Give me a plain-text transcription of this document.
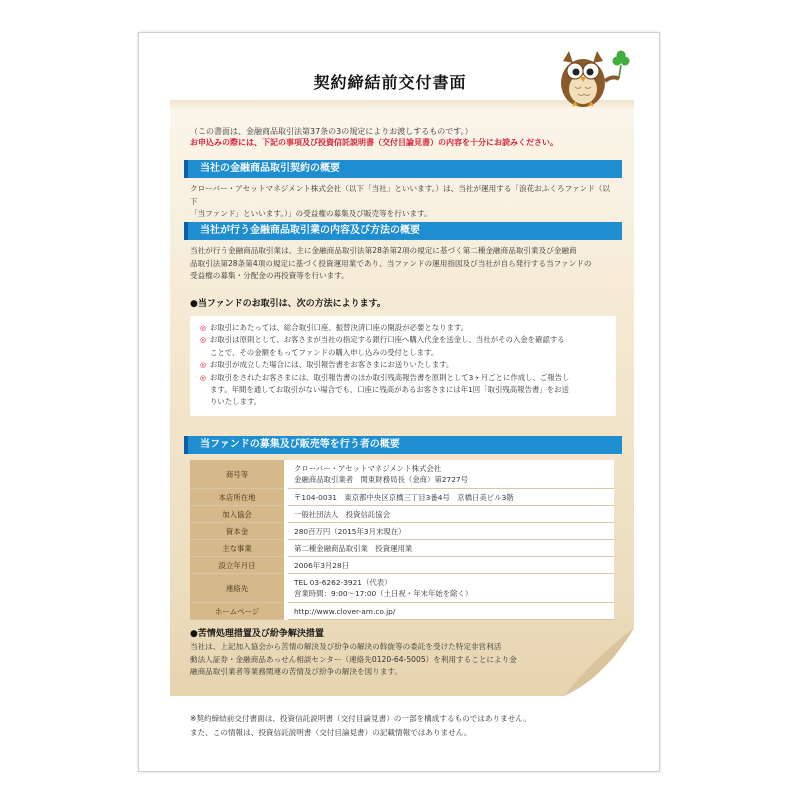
契約締結前交付書面
（この書面は、金融商品取引法第37条の3の規定によりお渡しするものです。）
お申込みの際には、下記の事項及び投資信託説明書（交付目論見書）の内容を十分にお読みください。
当社の金融商品取引契約の概要
クローバー・アセットマネジメント株式会社（以下「当社」といいます。）は、当社が運用する「浪花おふくろファンド（以下
「当ファンド」といいます。）」の受益権の募集及び販売等を行います。
当社が行う金融商品取引業の内容及び方法の概要
当社が行う金融商品取引業は、主に金融商品取引法第28条第2項の規定に基づく第二種金融商品取引業及び金融商
品取引法第28条第4項の規定に基づく投資運用業であり、当ファンドの運用指図及び当社が自ら発行する当ファンドの
受益権の募集・分配金の再投資等を行います。
●当ファンドのお取引は、次の方法によります。
◎ お取引にあたっては、総合取引口座、振替決済口座の開設が必要となります。
◎ お取引は原則として、お客さまが当社の指定する銀行口座へ購入代金を送金し、当社がその入金を確認する
ことで、その金額をもってファンドの購入申し込みの受付とします。
◎ お取引が成立した場合には、取引報告書をお客さまにお送りいたします。
◎ お取引をされたお客さまには、取引報告書のほか取引残高報告書を原則として3ヶ月ごとに作成し、ご報告し
ます。年間を通してお取引がない場合でも、口座に残高があるお客さまには年1回「取引残高報告書」をお送
りいたします。
当ファンドの募集及び販売等を行う者の概要
商号等	クローバー・アセットマネジメント株式会社
金融商品取引業者　関東財務局長（金商）第2727号

本店所在地	〒104-0031　東京都中央区京橋三丁目3番4号　京橋日美ビル3階
加入協会	一般社団法人　投資信託協会
資本金	280百万円（2015年3月末現在）
主な事業	第二種金融商品取引業　投資運用業
設立年月日	2006年3月28日
連絡先	TEL 03-6262-3921（代表）
営業時間：9:00〜17:00（土日祝・年末年始を除く）

ホームページ	http://www.clover-am.co.jp/
●苦情処理措置及び紛争解決措置
当社は、上記加入協会から苦情の解決及び紛争の解決の斡旋等の委託を受けた特定非営利活
動法人証券・金融商品あっせん相談センター（連絡先0120-64-5005）を利用することにより金
融商品取引業者等業務関連の苦情及び紛争の解決を図ります。
※契約締結前交付書面は、投資信託説明書（交付目論見書）の一部を構成するものではありません。
また、この情報は、投資信託説明書（交付目論見書）の記載情報ではありません。
